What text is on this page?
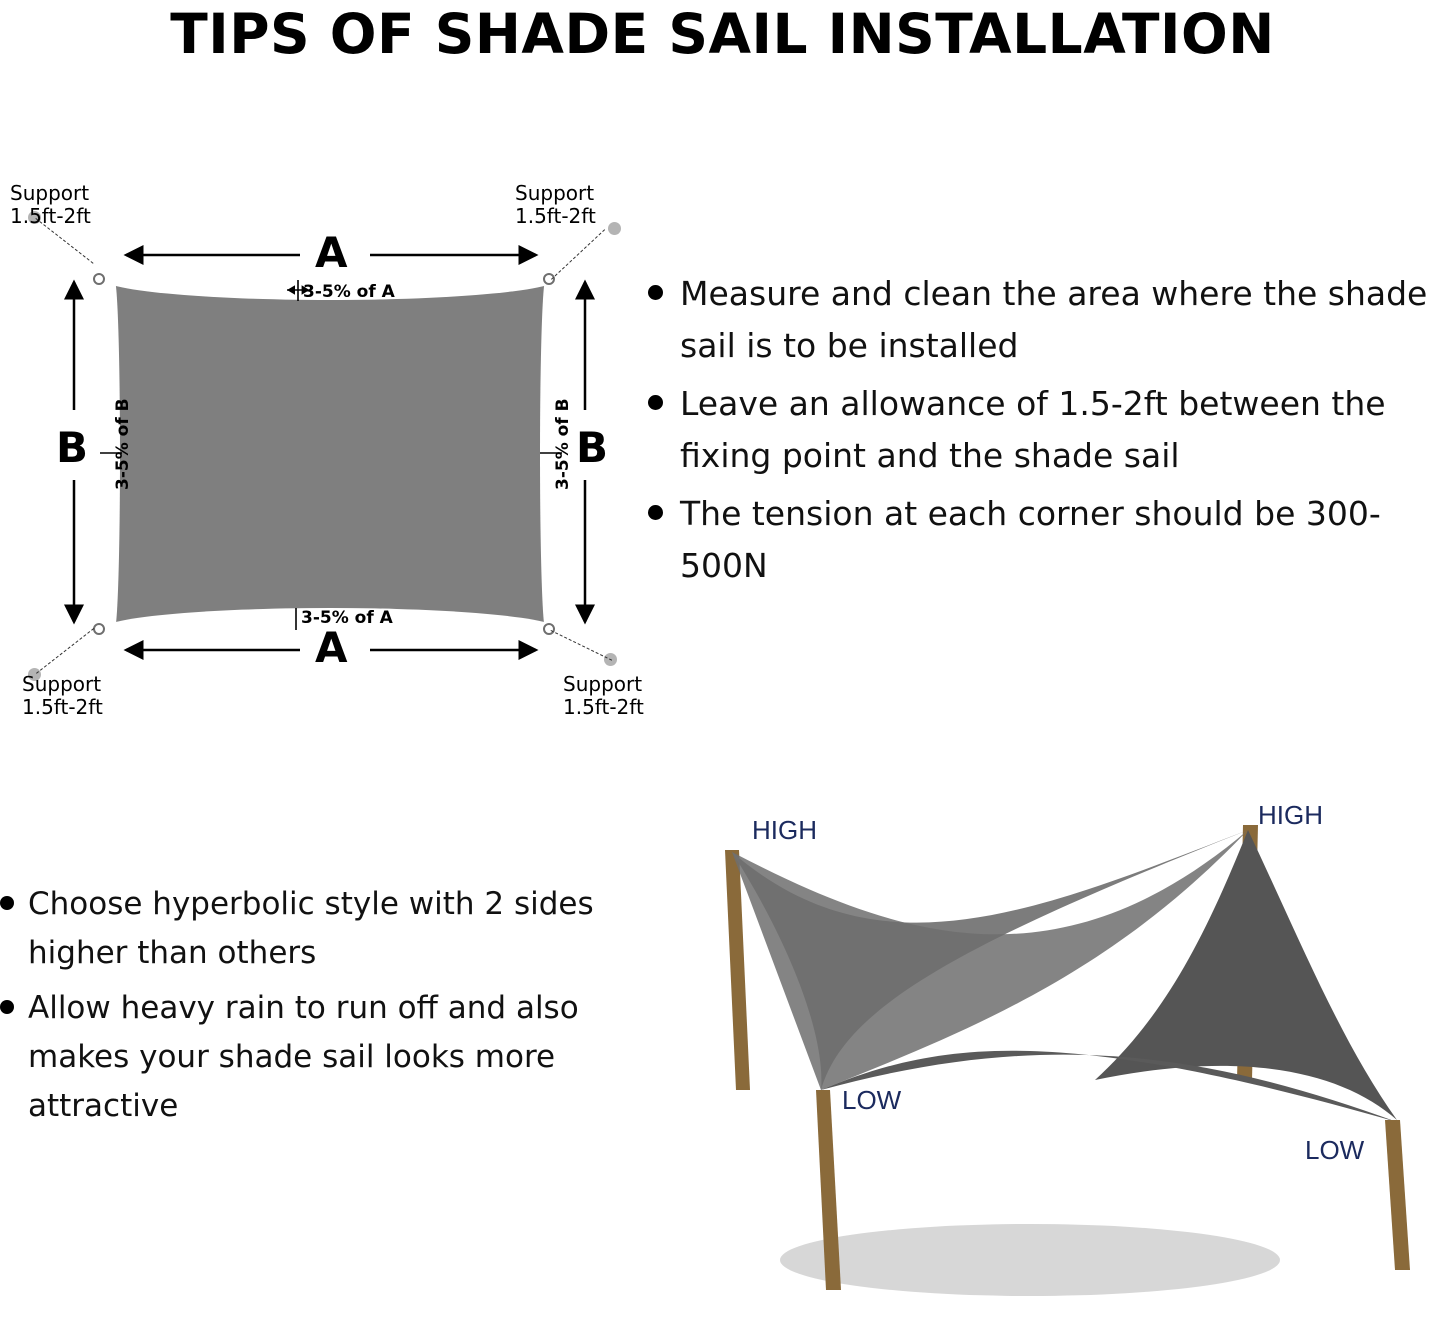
TIPS OF SHADE SAIL INSTALLATION
Support
1.5ft-2ft
Support
1.5ft-2ft
Support
1.5ft-2ft
Support
1.5ft-2ft
A
A
B	B
3-5% of A
3-5% of A
3-5% of B	3-5% of B
Measure and clean the area where the shade sail is to be installed
Leave an allowance of 1.5-2ft between the fixing point and the shade sail
The tension at each corner should be 300-500N
Choose hyperbolic style with 2 sides higher than others
Allow heavy rain to run off and also makes your shade sail looks more attractive
HIGH	HIGH
LOW
LOW
